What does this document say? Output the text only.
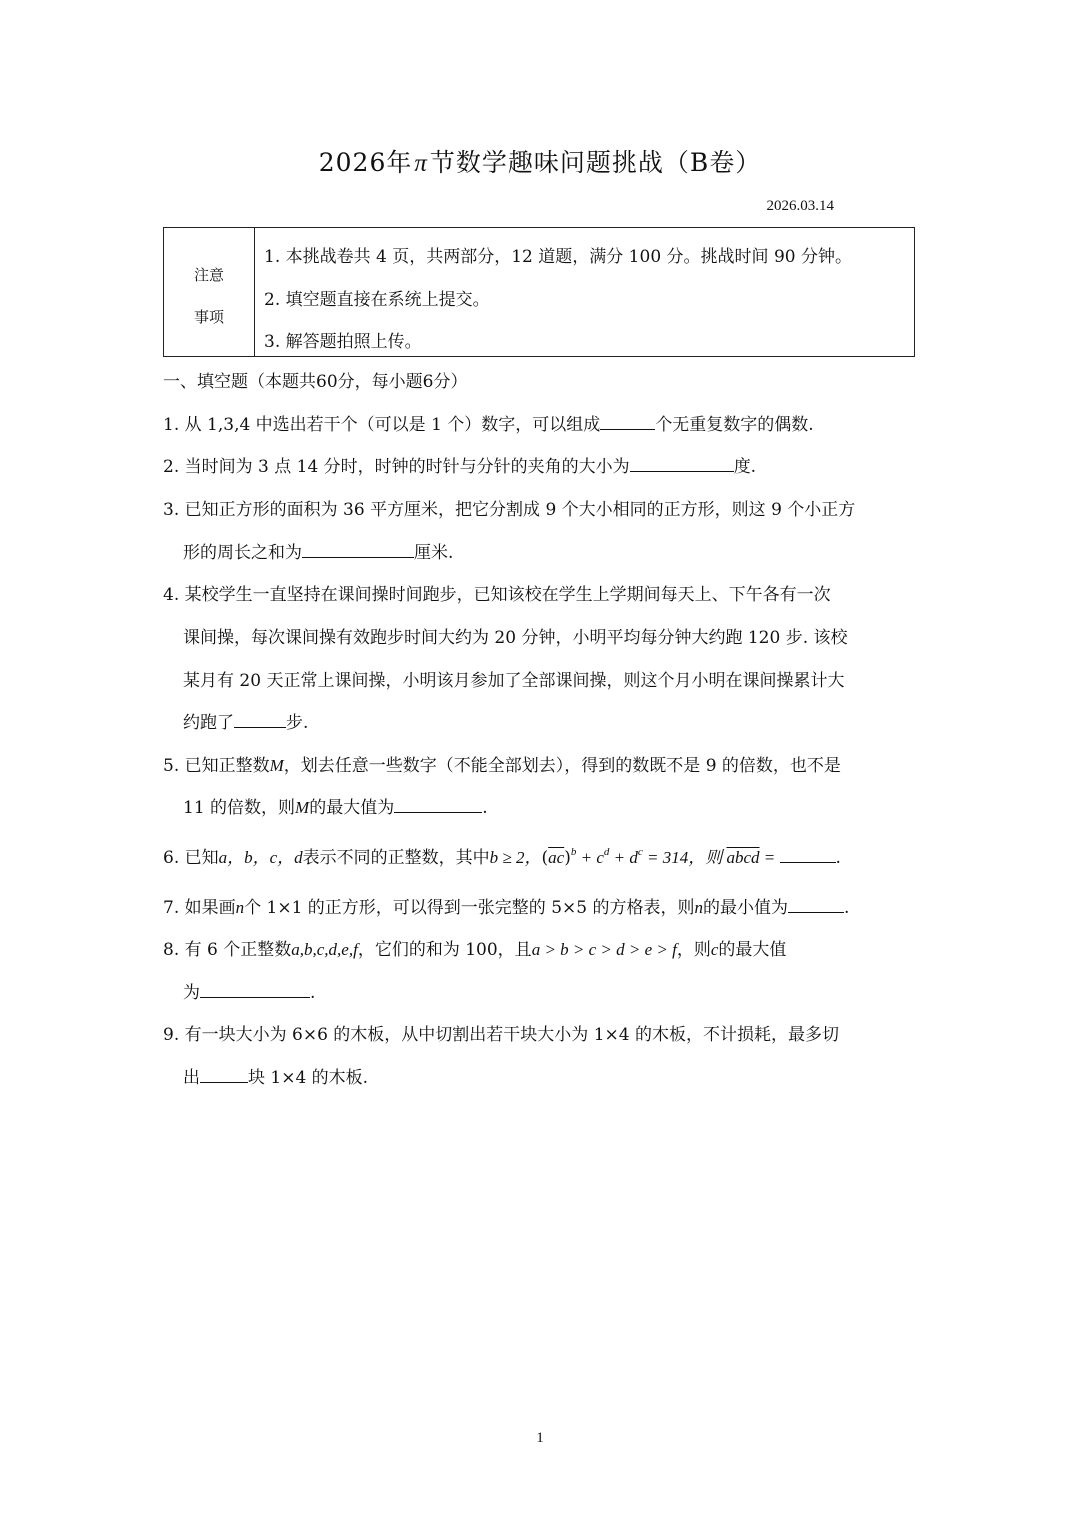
2026年π节数学趣味问题挑战（B卷）
2026.03.14
注意
事项
1. 本挑战卷共 4 页，共两部分，12 道题，满分 100 分。挑战时间 90 分钟。
2. 填空题直接在系统上提交。
3. 解答题拍照上传。
一、填空题（本题共60分，每小题6分）
1. 从 1,3,4 中选出若干个（可以是 1 个）数字，可以组成	个无重复数字的偶数.
2. 当时间为 3 点 14 分时，时钟的时针与分针的夹角的大小为	度.
3. 已知正方形的面积为 36 平方厘米，把它分割成 9 个大小相同的正方形，则这 9 个小正方
形的周长之和为	厘米.
4. 某校学生一直坚持在课间操时间跑步，已知该校在学生上学期间每天上、下午各有一次
课间操，每次课间操有效跑步时间大约为 20 分钟，小明平均每分钟大约跑 120 步. 该校
某月有 20 天正常上课间操，小明该月参加了全部课间操，则这个月小明在课间操累计大
约跑了	步.
5. 已知正整数M，划去任意一些数字（不能全部划去），得到的数既不是 9 的倍数，也不是
11 的倍数，则M的最大值为	.
6. 已知a，b，c，d表示不同的正整数，其中b ≥ 2，$(\overline{ac})^b + c^d + d^c = 314$，则 abcd =	.
7. 如果画n个 1×1 的正方形，可以得到一张完整的 5×5 的方格表，则n的最小值为	.
8. 有 6 个正整数a,b,c,d,e,f，它们的和为 100，且a > b > c > d > e > f，则c的最大值
为	.
9. 有一块大小为 6×6 的木板，从中切割出若干块大小为 1×4 的木板，不计损耗，最多切
出	块 1×4 的木板.
1
